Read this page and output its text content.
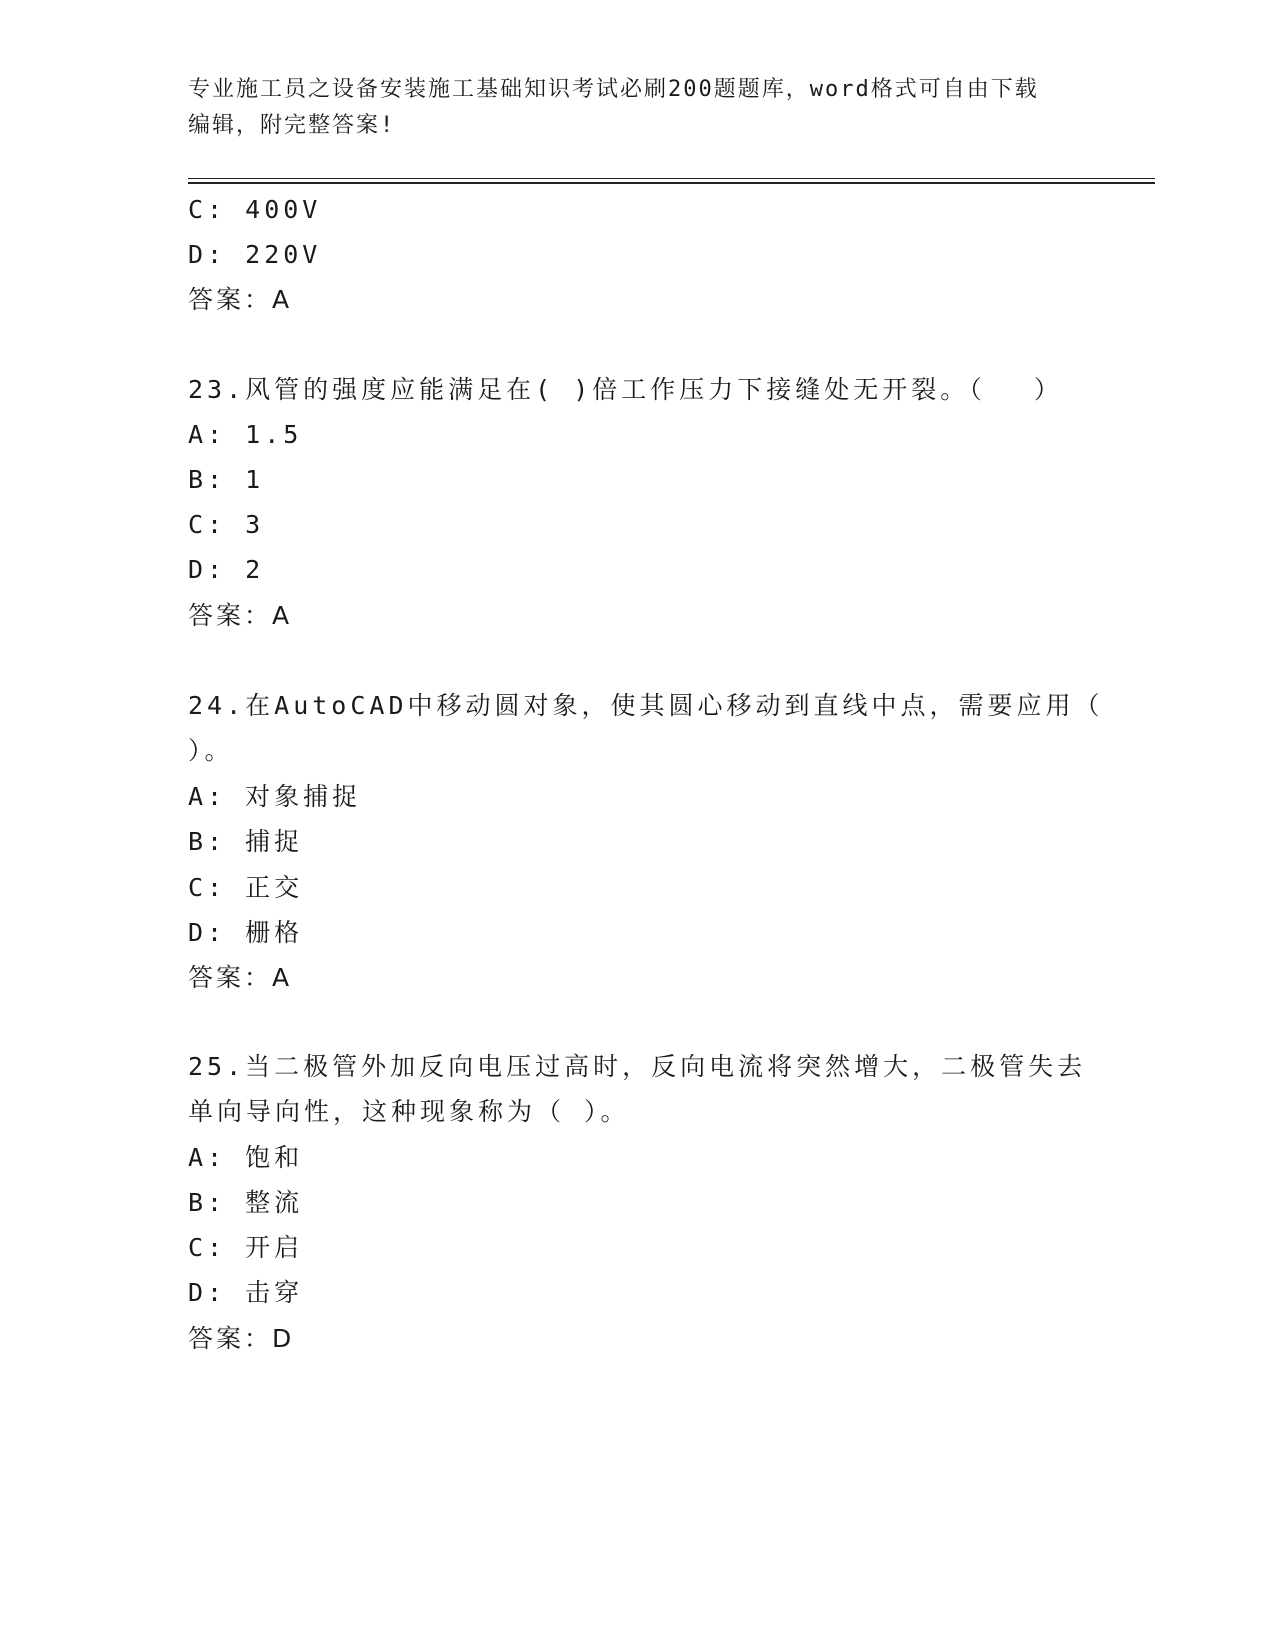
专业施工员之设备安装施工基础知识考试必刷200题题库，word格式可自由下载
编辑，附完整答案!
C: 400V
D: 220V
答案：A
23.风管的强度应能满足在( )倍工作压力下接缝处无开裂。（　 ）
A: 1.5
B: 1
C: 3
D: 2
答案：A
24.在AutoCAD中移动圆对象，使其圆心移动到直线中点，需要应用（
）。
A: 对象捕捉
B: 捕捉
C: 正交
D: 栅格
答案：A
25.当二极管外加反向电压过高时，反向电流将突然增大，二极管失去
单向导向性，这种现象称为（ ）。
A: 饱和
B: 整流
C: 开启
D: 击穿
答案：D
